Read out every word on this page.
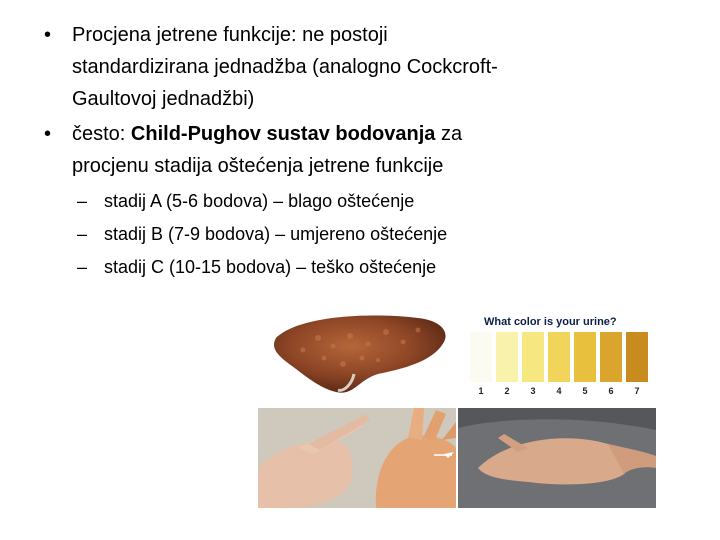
• Procjena jetrene funkcije: ne postoji
standardizirana jednadžba (analogno Cockcroft-
Gaultovoj jednadžbi)
• često: Child-Pughov sustav bodovanja za
procjenu stadija oštećenja jetrene funkcije
– stadij A (5-6 bodova) – blago oštećenje
– stadij B (7-9 bodova) – umjereno oštećenje
– stadij C (10-15 bodova) – teško oštećenje
What color is your urine?
1	2	3	4	5	6	7
